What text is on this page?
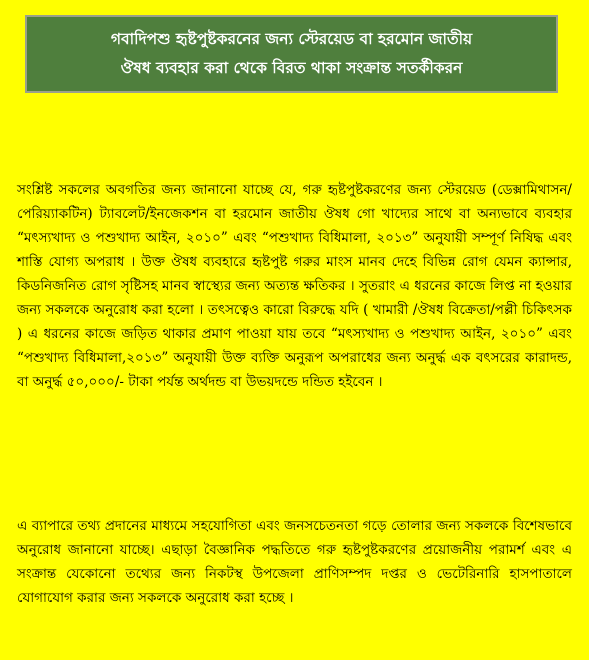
গবাদিপশু হৃষ্টপুষ্টকরনের জন্য স্টেরয়েড বা হরমোন জাতীয়
ঔষধ ব্যবহার করা থেকে বিরত থাকা সংক্রান্ত সতর্কীকরন

সংশ্লিষ্ট সকলের অবগতির জন্য জানানো যাচ্ছে যে, গরু হৃষ্টপুষ্টকরণের জন্য স্টেরয়েড (ডেক্সামিথাসন/পেরিয়্যাকটিন) ট্যাবলেট/ইনজেকশন বা হরমোন জাতীয় ঔষধ গো খাদ্যের সাথে বা অন্যভাবে ব্যবহার “মৎস্যখাদ্য ও পশুখাদ্য আইন, ২০১০” এবং “পশুখাদ্য বিধিমালা, ২০১৩” অনুযায়ী সম্পূর্ণ নিষিদ্ধ এবং শাস্তি যোগ্য অপরাধ । উক্ত ঔষধ ব্যবহারে হৃষ্টপুষ্ট গরুর মাংস মানব দেহে বিভিন্ন রোগ যেমন ক্যান্সার, কিডনিজনিত রোগ সৃষ্টিসহ মানব স্বাস্থ্যের জন্য অত্যন্ত ক্ষতিকর । সুতরাং এ ধরনের কাজে লিপ্ত না হওয়ার জন্য সকলকে অনুরোধ করা হলো । তৎসত্বেও কারো বিরুদ্ধে যদি ( খামারী /ঔষধ বিক্রেতা/পল্লী চিকিৎসক ) এ ধরনের কাজে জড়িত থাকার প্রমাণ পাওয়া যায় তবে “মৎস্যখাদ্য ও পশুখাদ্য আইন, ২০১০” এবং “পশুখাদ্য বিধিমালা,২০১৩” অনুযায়ী উক্ত ব্যক্তি অনুরূপ অপরাধের জন্য অনুর্দ্ধ এক বৎসরের কারাদন্ড, বা অনুর্দ্ধ ৫০,০০০/- টাকা পর্যন্ত অর্থদন্ড বা উভয়দন্ডে দন্ডিত হইবেন ।

এ ব্যাপারে তথ্য প্রদানের মাধ্যমে সহযোগিতা এবং জনসচেতনতা গড়ে তোলার জন্য সকলকে বিশেষভাবে অনুরোধ জানানো যাচ্ছে। এছাড়া বৈজ্ঞানিক পদ্ধতিতে গরু হৃষ্টপুষ্টকরণের প্রয়োজনীয় পরামর্শ এবং এ সংক্রান্ত যেকোনো তথ্যের জন্য নিকটস্থ উপজেলা প্রাণিসম্পদ দপ্তর ও ভেটেরিনারি হাসপাতালে যোগাযোগ করার জন্য সকলকে অনুরোধ করা হচ্ছে ।
